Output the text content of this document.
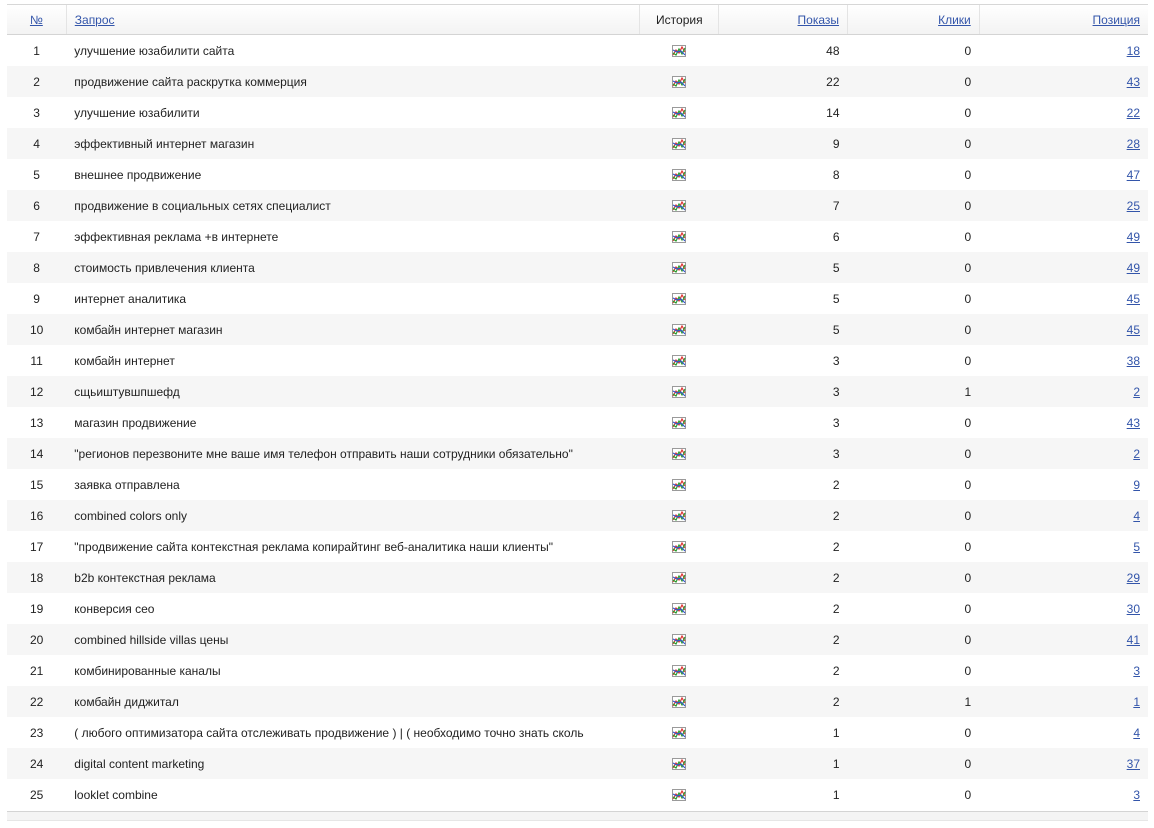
№	Запрос	История	Показы	Клики	Позиция
1	улучшение юзабилити сайта		48	0	18
2	продвижение сайта раскрутка коммерция		22	0	43
3	улучшение юзабилити		14	0	22
4	эффективный интернет магазин		9	0	28
5	внешнее продвижение		8	0	47
6	продвижение в социальных сетях специалист		7	0	25
7	эффективная реклама +в интернете		6	0	49
8	стоимость привлечения клиента		5	0	49
9	интернет аналитика		5	0	45
10	комбайн интернет магазин		5	0	45
11	комбайн интернет		3	0	38
12	сщьиштувшпшефд		3	1	2
13	магазин продвижение		3	0	43
14	"регионов перезвоните мне ваше имя телефон отправить наши сотрудники обязательно"		3	0	2
15	заявка отправлена		2	0	9
16	combined colors only		2	0	4
17	"продвижение сайта контекстная реклама копирайтинг веб-аналитика наши клиенты"		2	0	5
18	b2b контекстная реклама		2	0	29
19	конверсия сео		2	0	30
20	combined hillside villas цены		2	0	41
21	комбинированные каналы		2	0	3
22	комбайн диджитал		2	1	1
23	( любого оптимизатора сайта отслеживать продвижение ) | ( необходимо точно знать сколь		1	0	4
24	digital content marketing		1	0	37
25	looklet combine		1	0	3
